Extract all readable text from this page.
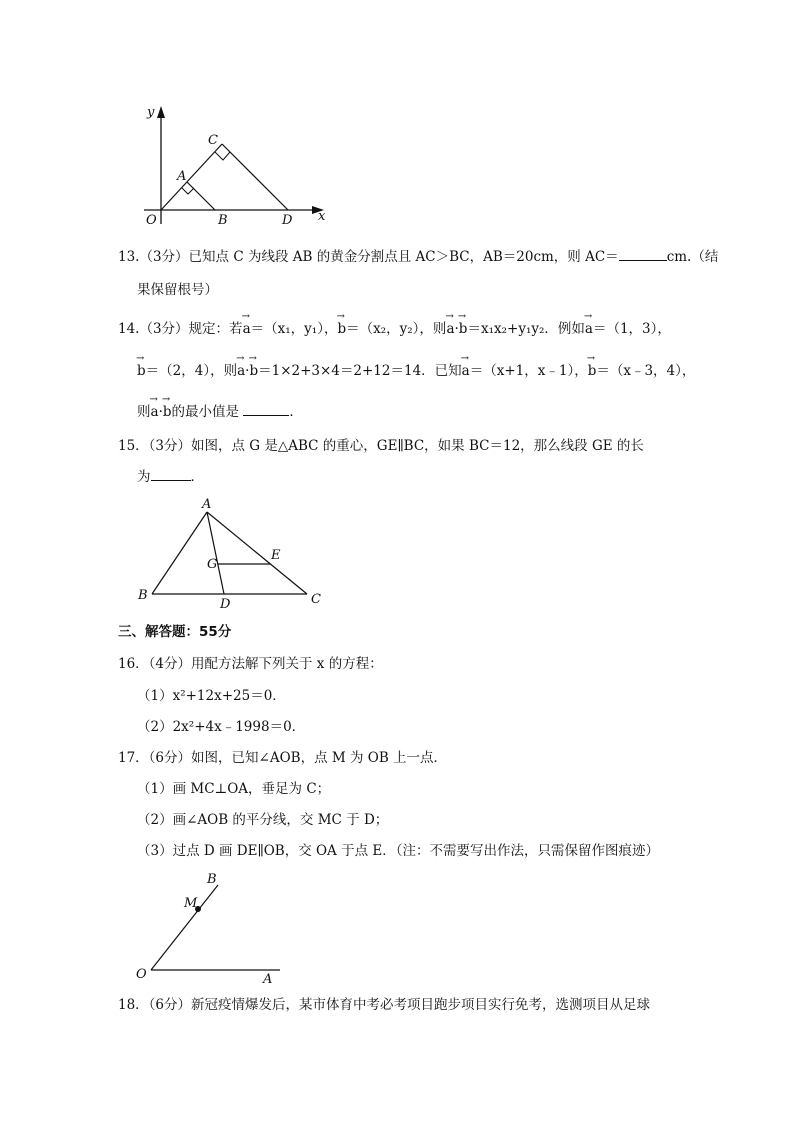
y
C
A
O	B	D x
13.（3分）已知点 C 为线段 AB 的黄金分割点且 AC＞BC，AB＝20cm，则 AC＝	cm.（结
果保留根号）
14.（3分）规定：若→ a＝（x₁，y₁），→ b＝（x₂，y₂），则→ a·→ b＝x₁x₂+y₁y₂．例如→ a＝（1，3），
→ b＝（2，4），则→ a·→ b＝1×2+3×4＝2+12＝14．已知→ a＝（x+1，x﹣1），→ b＝（x﹣3，4），
则→ a·→ b的最小值是	．
15．（3分）如图，点 G 是△ABC 的重心，GE∥BC，如果 BC＝12，那么线段 GE 的长
为	．
A
G
E
B
D	C
三、解答题：55分
16．（4分）用配方法解下列关于 x 的方程：
（1）x²+12x+25＝0．
（2）2x²+4x﹣1998＝0．
17．（6分）如图，已知∠AOB，点 M 为 OB 上一点．
（1）画 MC⊥OA，垂足为 C；
（2）画∠AOB 的平分线，交 MC 于 D；
（3）过点 D 画 DE∥OB，交 OA 于点 E．（注：不需要写出作法，只需保留作图痕迹）
B
M
O	A
18．（6分）新冠疫情爆发后，某市体育中考必考项目跑步项目实行免考，选测项目从足球
